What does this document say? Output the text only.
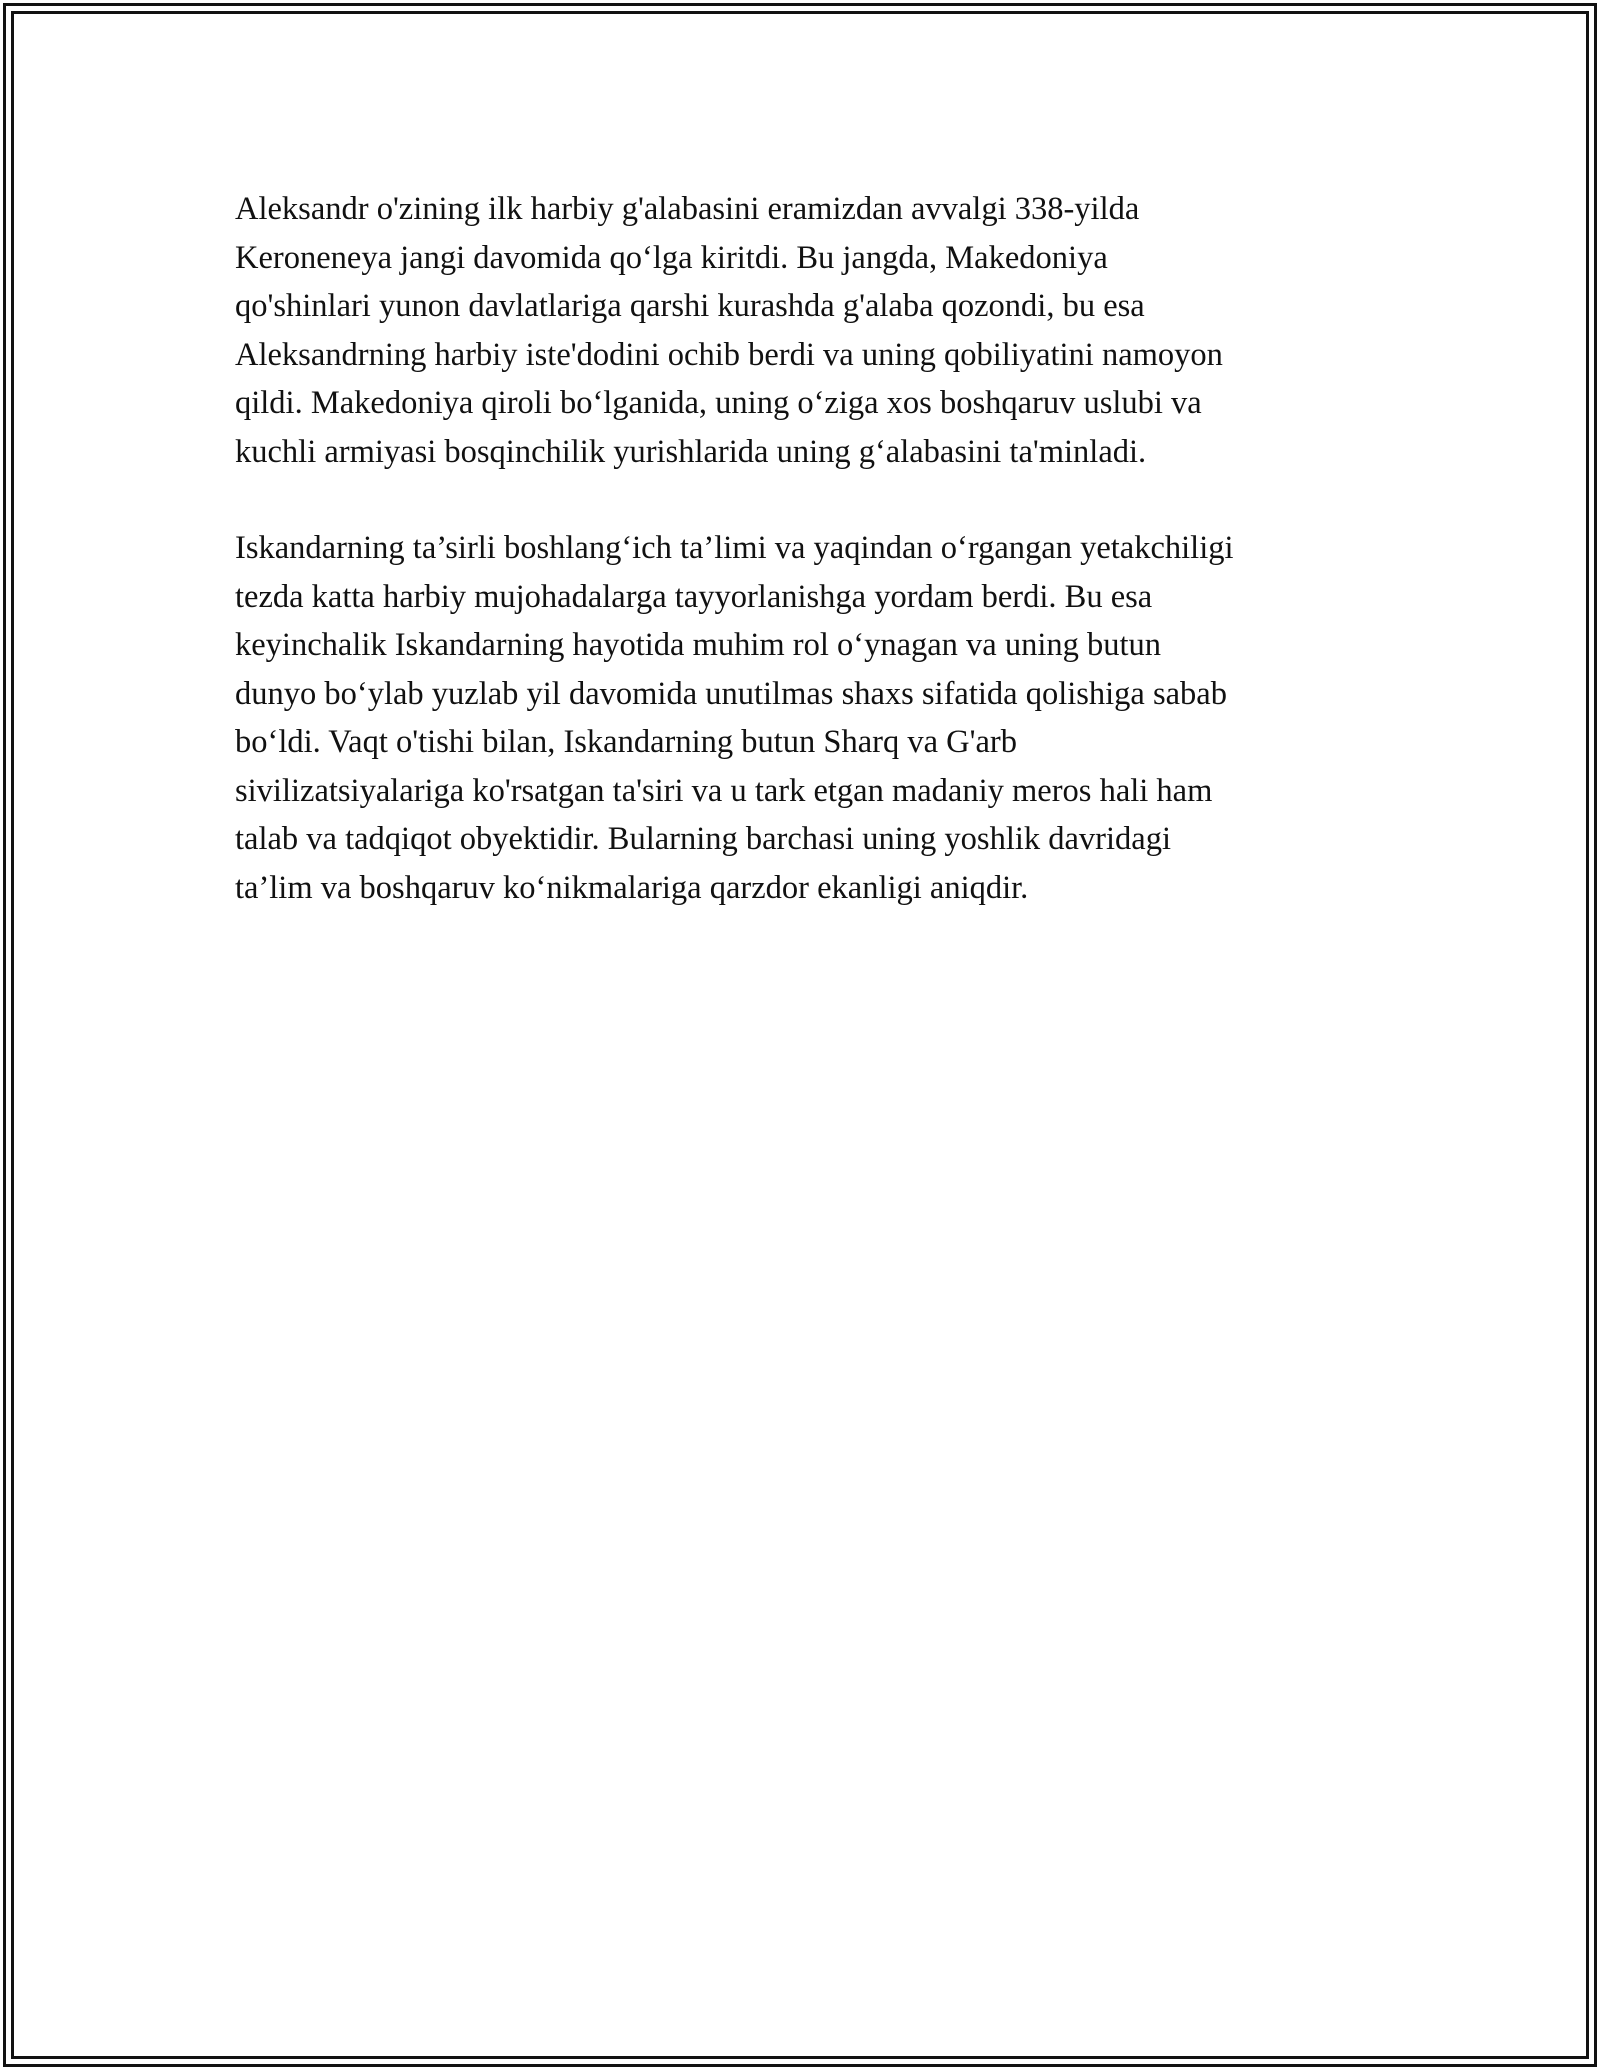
Aleksandr o'zining ilk harbiy g'alabasini eramizdan avvalgi 338-yilda
Keroneneya jangi davomida qo‘lga kiritdi. Bu jangda, Makedoniya
qo'shinlari yunon davlatlariga qarshi kurashda g'alaba qozondi, bu esa
Aleksandrning harbiy iste'dodini ochib berdi va uning qobiliyatini namoyon
qildi. Makedoniya qiroli bo‘lganida, uning o‘ziga xos boshqaruv uslubi va
kuchli armiyasi bosqinchilik yurishlarida uning g‘alabasini ta'minladi.

Iskandarning ta’sirli boshlang‘ich ta’limi va yaqindan o‘rgangan yetakchiligi
tezda katta harbiy mujohadalarga tayyorlanishga yordam berdi. Bu esa
keyinchalik Iskandarning hayotida muhim rol o‘ynagan va uning butun
dunyo bo‘ylab yuzlab yil davomida unutilmas shaxs sifatida qolishiga sabab
bo‘ldi. Vaqt o'tishi bilan, Iskandarning butun Sharq va G'arb
sivilizatsiyalariga ko'rsatgan ta'siri va u tark etgan madaniy meros hali ham
talab va tadqiqot obyektidir. Bularning barchasi uning yoshlik davridagi
ta’lim va boshqaruv ko‘nikmalariga qarzdor ekanligi aniqdir.
